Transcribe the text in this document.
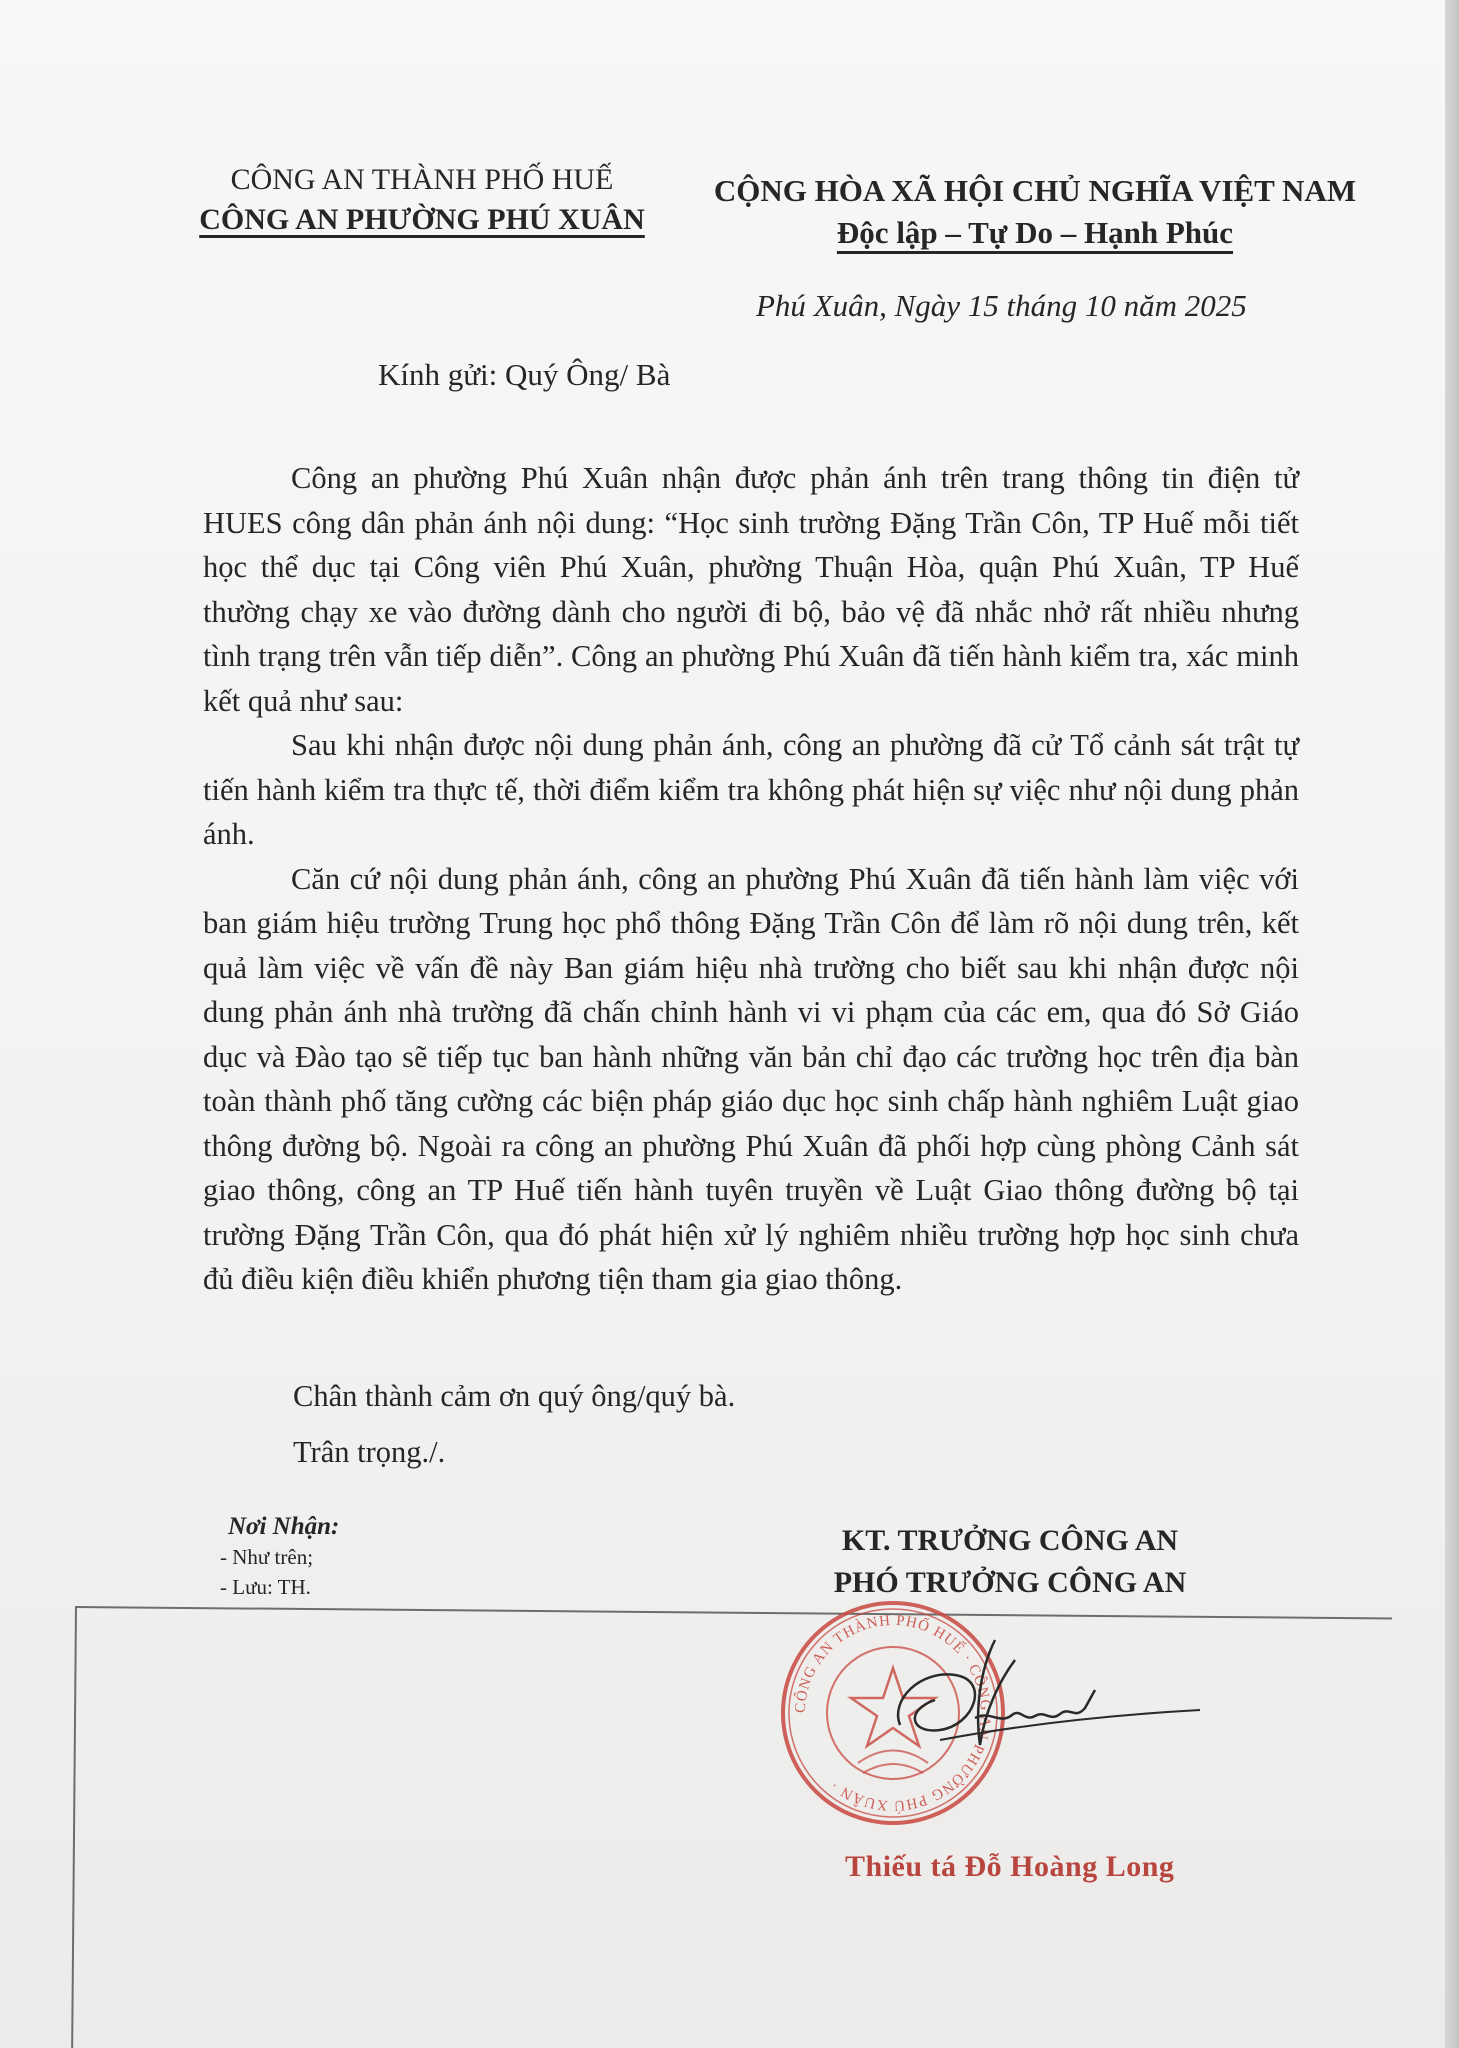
CÔNG AN THÀNH PHỐ HUẾ
CÔNG AN PHƯỜNG PHÚ XUÂN
CỘNG HÒA XÃ HỘI CHỦ NGHĨA VIỆT NAM
Độc lập – Tự Do – Hạnh Phúc
Phú Xuân, Ngày 15 tháng 10 năm 2025
Kính gửi: Quý Ông/ Bà

Công an phường Phú Xuân nhận được phản ánh trên trang thông tin điện tử HUES công dân phản ánh nội dung: “Học sinh trường Đặng Trần Côn, TP Huế mỗi tiết học thể dục tại Công viên Phú Xuân, phường Thuận Hòa, quận Phú Xuân, TP Huế thường chạy xe vào đường dành cho người đi bộ, bảo vệ đã nhắc nhở rất nhiều nhưng tình trạng trên vẫn tiếp diễn”. Công an phường Phú Xuân đã tiến hành kiểm tra, xác minh kết quả như sau:

Sau khi nhận được nội dung phản ánh, công an phường đã cử Tổ cảnh sát trật tự tiến hành kiểm tra thực tế, thời điểm kiểm tra không phát hiện sự việc như nội dung phản ánh.

Căn cứ nội dung phản ánh, công an phường Phú Xuân đã tiến hành làm việc với ban giám hiệu trường Trung học phổ thông Đặng Trần Côn để làm rõ nội dung trên, kết quả làm việc về vấn đề này Ban giám hiệu nhà trường cho biết sau khi nhận được nội dung phản ánh nhà trường đã chấn chỉnh hành vi vi phạm của các em, qua đó Sở Giáo dục và Đào tạo sẽ tiếp tục ban hành những văn bản chỉ đạo các trường học trên địa bàn toàn thành phố tăng cường các biện pháp giáo dục học sinh chấp hành nghiêm Luật giao thông đường bộ. Ngoài ra công an phường Phú Xuân đã phối hợp cùng phòng Cảnh sát giao thông, công an TP Huế tiến hành tuyên truyền về Luật Giao thông đường bộ tại trường Đặng Trần Côn, qua đó phát hiện xử lý nghiêm nhiều trường hợp học sinh chưa đủ điều kiện điều khiển phương tiện tham gia giao thông.

Chân thành cảm ơn quý ông/quý bà.
Trân trọng./.
Nơi Nhận:
- Như trên;
- Lưu: TH.
KT. TRƯỞNG CÔNG AN
PHÓ TRƯỞNG CÔNG AN
CÔNG AN THÀNH PHỐ HUẾ · CÔNG AN PHƯỜNG PHÚ XUÂN ·
Thiếu tá Đỗ Hoàng Long
